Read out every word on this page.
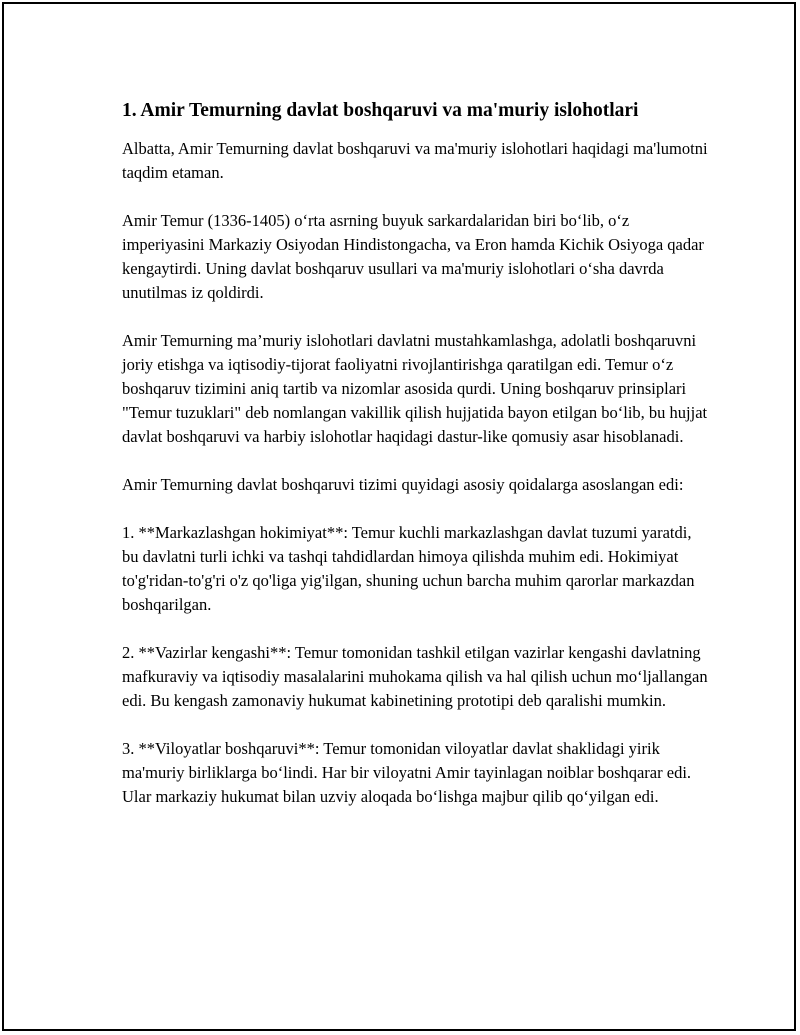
1. Amir Temurning davlat boshqaruvi va ma'muriy islohotlari

Albatta, Amir Temurning davlat boshqaruvi va ma'muriy islohotlari haqidagi ma'lumotni taqdim etaman.

Amir Temur (1336-1405) oʻrta asrning buyuk sarkardalaridan biri boʻlib, oʻz imperiyasini Markaziy Osiyodan Hindistongacha, va Eron hamda Kichik Osiyoga qadar kengaytirdi. Uning davlat boshqaruv usullari va ma'muriy islohotlari oʻsha davrda unutilmas iz qoldirdi.

Amir Temurning ma’muriy islohotlari davlatni mustahkamlashga, adolatli boshqaruvni joriy etishga va iqtisodiy-tijorat faoliyatni rivojlantirishga qaratilgan edi. Temur oʻz boshqaruv tizimini aniq tartib va nizomlar asosida qurdi. Uning boshqaruv prinsiplari "Temur tuzuklari" deb nomlangan vakillik qilish hujjatida bayon etilgan boʻlib, bu hujjat davlat boshqaruvi va harbiy islohotlar haqidagi dastur-like qomusiy asar hisoblanadi.

Amir Temurning davlat boshqaruvi tizimi quyidagi asosiy qoidalarga asoslangan edi:

1. **Markazlashgan hokimiyat**: Temur kuchli markazlashgan davlat tuzumi yaratdi, bu davlatni turli ichki va tashqi tahdidlardan himoya qilishda muhim edi. Hokimiyat to'g'ridan-to'g'ri o'z qo'liga yig'ilgan, shuning uchun barcha muhim qarorlar markazdan boshqarilgan.

2. **Vazirlar kengashi**: Temur tomonidan tashkil etilgan vazirlar kengashi davlatning mafkuraviy va iqtisodiy masalalarini muhokama qilish va hal qilish uchun moʻljallangan edi. Bu kengash zamonaviy hukumat kabinetining prototipi deb qaralishi mumkin.

3. **Viloyatlar boshqaruvi**: Temur tomonidan viloyatlar davlat shaklidagi yirik ma'muriy birliklarga boʻlindi. Har bir viloyatni Amir tayinlagan noiblar boshqarar edi. Ular markaziy hukumat bilan uzviy aloqada boʻlishga majbur qilib qoʻyilgan edi.
